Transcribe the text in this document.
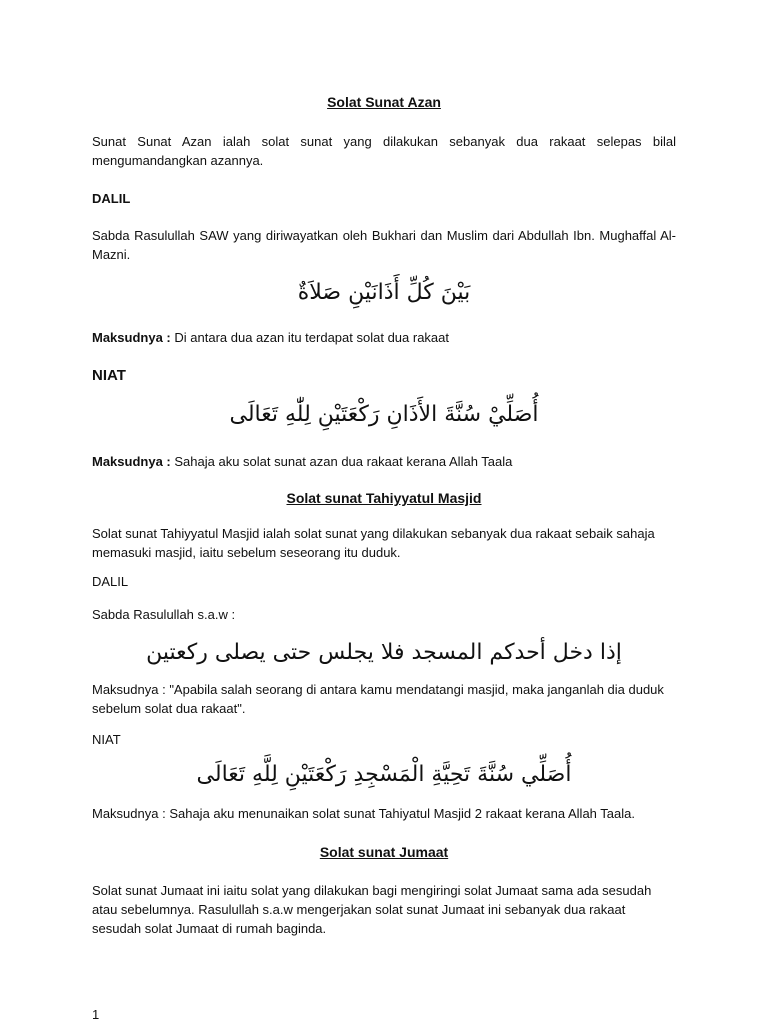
Solat Sunat Azan

Sunat Sunat Azan ialah solat sunat yang dilakukan sebanyak dua rakaat selepas bilal mengumandangkan azannya.

DALIL

Sabda Rasulullah SAW yang diriwayatkan oleh Bukhari dan Muslim dari Abdullah Ibn. Mughaffal Al-Mazni.

بَيْنَ كُلِّ أَذَانَيْنِ صَلاَةٌ

Maksudnya : Di antara dua azan itu terdapat solat dua rakaat

NIAT

أُصَلِّيْ سُنَّةَ الأَذَانِ رَكْعَتَيْنِ لِلّٰهِ تَعَالَى

Maksudnya : Sahaja aku solat sunat azan dua rakaat kerana Allah Taala

Solat sunat Tahiyyatul Masjid

Solat sunat Tahiyyatul Masjid ialah solat sunat yang dilakukan sebanyak dua rakaat sebaik sahaja memasuki masjid, iaitu sebelum seseorang itu duduk.

DALIL

Sabda Rasulullah s.a.w :

إذا دخل أحدكم المسجد فلا يجلس حتى يصلى ركعتين

Maksudnya : "Apabila salah seorang di antara kamu mendatangi masjid, maka janganlah dia duduk sebelum solat dua rakaat".

NIAT

أُصَلِّي سُنَّةَ تَحِيَّةِ الْمَسْجِدِ رَكْعَتَيْنِ لِلَّهِ تَعَالَى

Maksudnya : Sahaja aku menunaikan solat sunat Tahiyatul Masjid 2 rakaat kerana Allah Taala.

Solat sunat Jumaat

Solat sunat Jumaat ini iaitu solat yang dilakukan bagi mengiringi solat Jumaat sama ada sesudah atau sebelumnya. Rasulullah s.a.w mengerjakan solat sunat Jumaat ini sebanyak dua rakaat sesudah solat Jumaat di rumah baginda.

1
